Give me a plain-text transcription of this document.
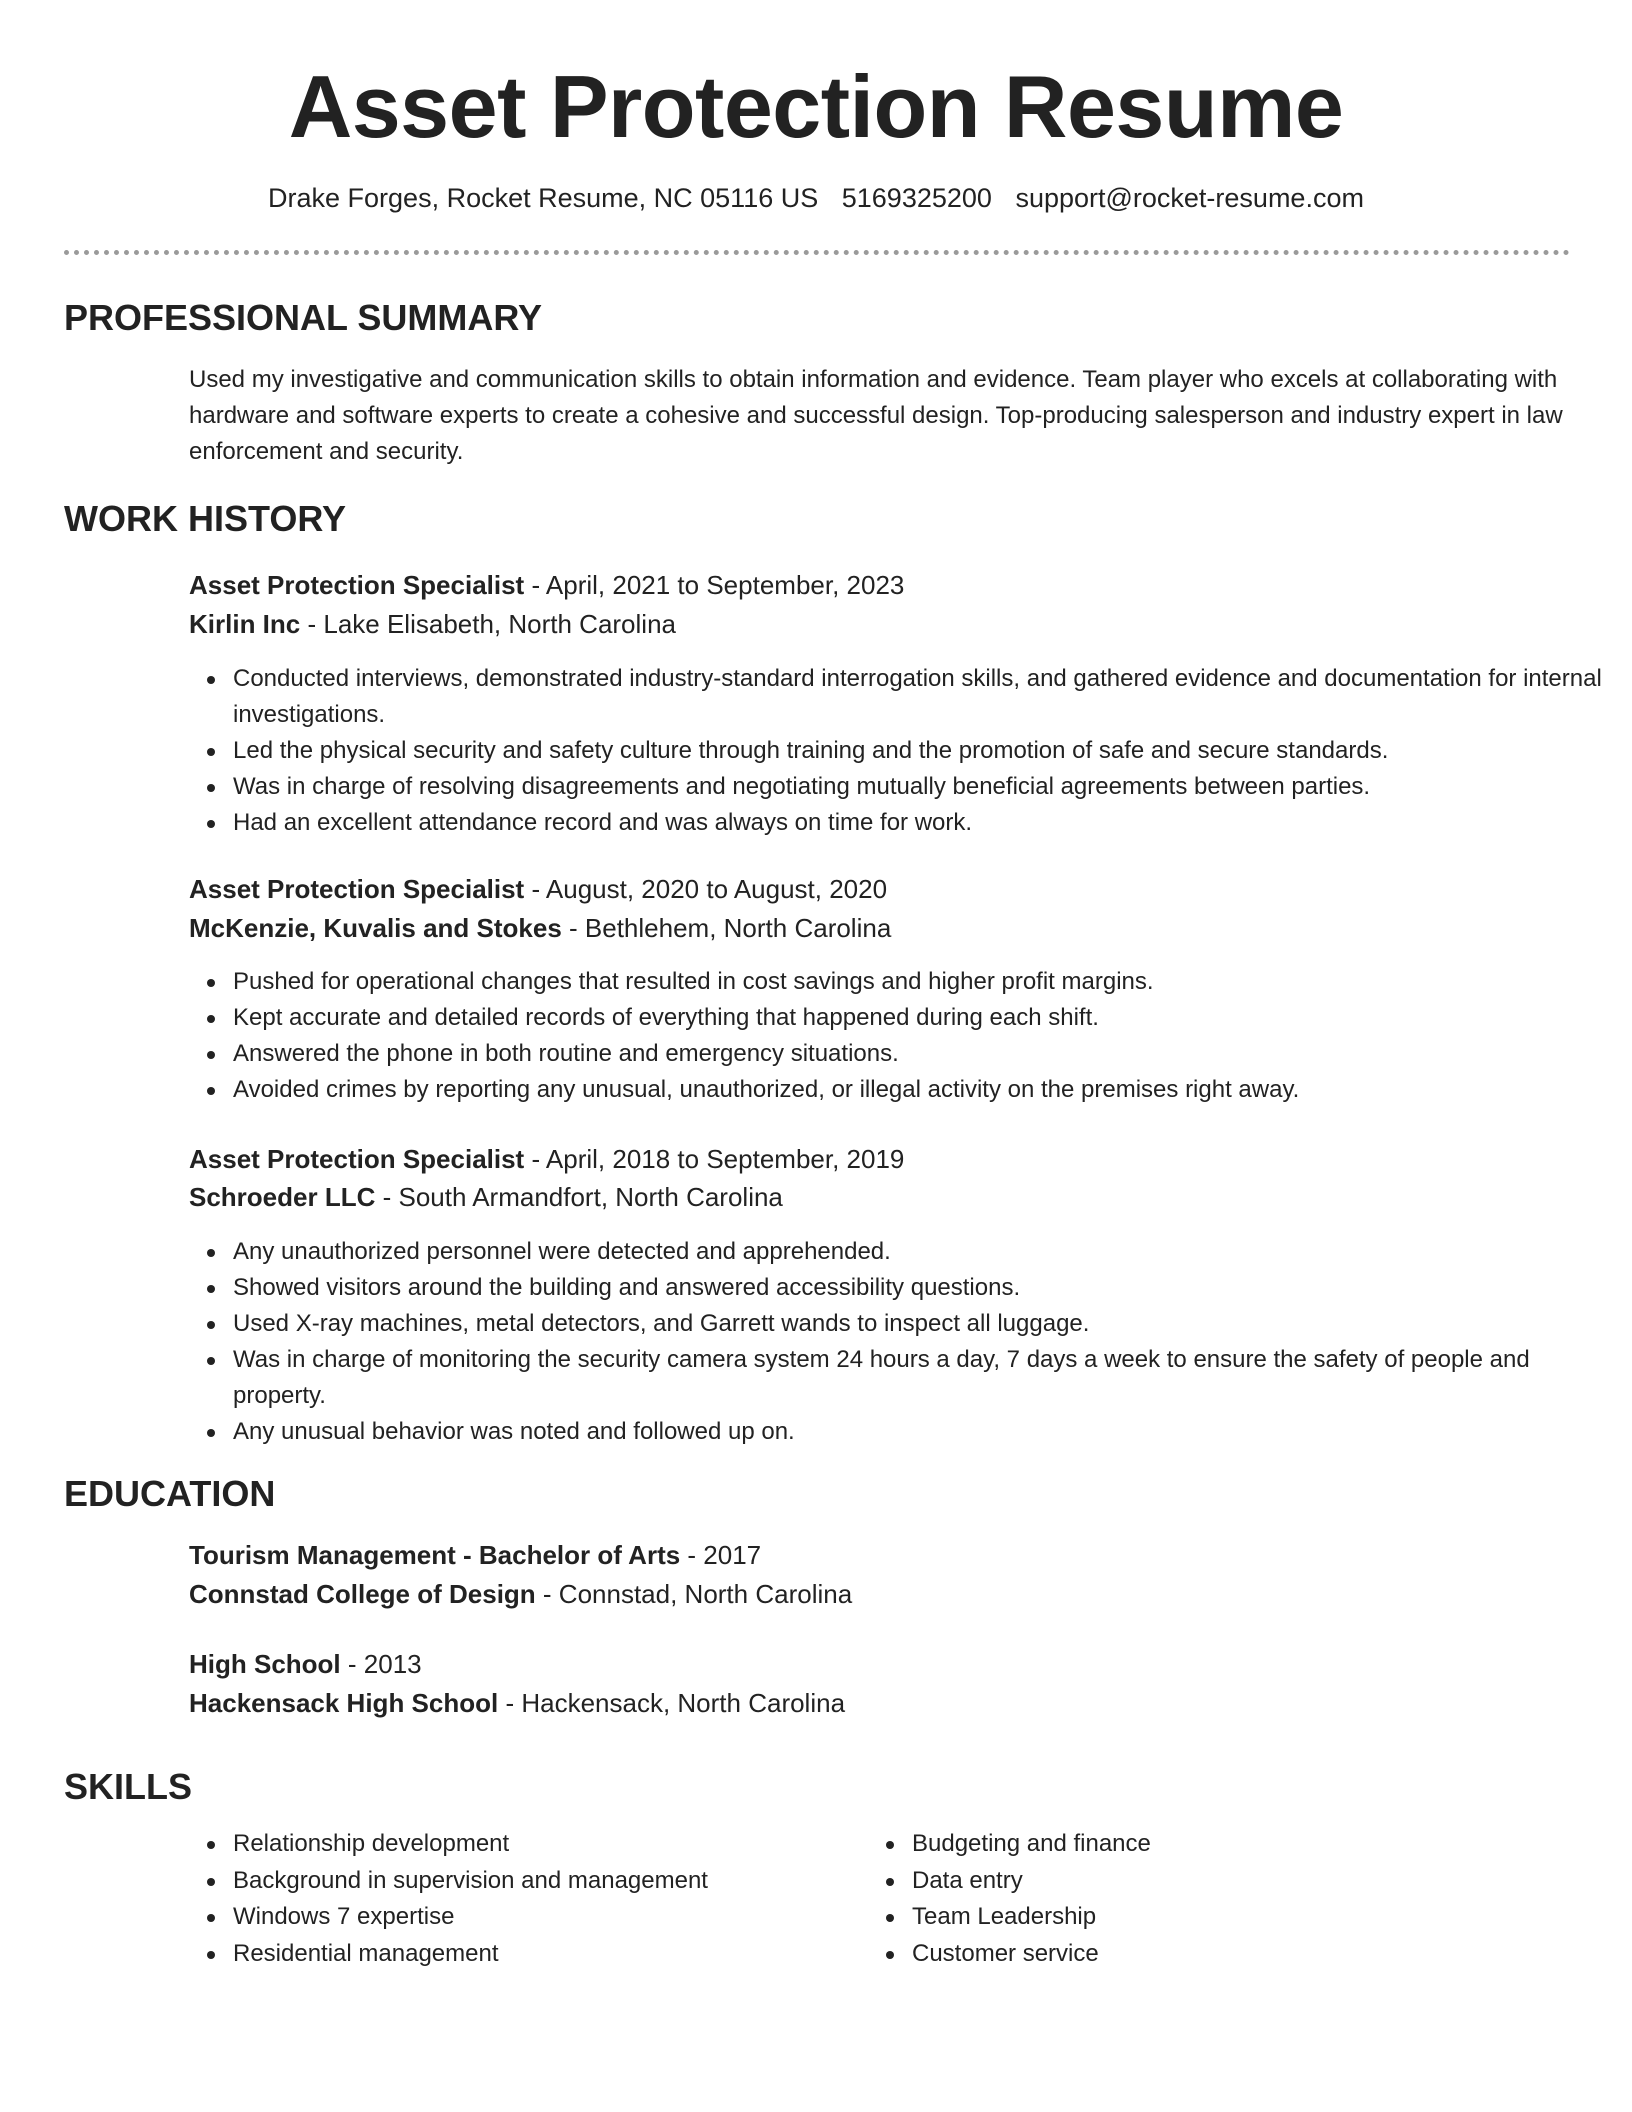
Asset Protection Resume
Drake Forges, Rocket Resume, NC 05116 US 5169325200 support@rocket-resume.com
PROFESSIONAL SUMMARY
Used my investigative and communication skills to obtain information and evidence. Team player who excels at collaborating with hardware and software experts to create a cohesive and successful design. Top-producing salesperson and industry expert in law enforcement and security.
WORK HISTORY
Asset Protection Specialist - April, 2021 to September, 2023
Kirlin Inc - Lake Elisabeth, North Carolina
Conducted interviews, demonstrated industry-standard interrogation skills, and gathered evidence and documentation for internal investigations.
Led the physical security and safety culture through training and the promotion of safe and secure standards.
Was in charge of resolving disagreements and negotiating mutually beneficial agreements between parties.
Had an excellent attendance record and was always on time for work.
Asset Protection Specialist - August, 2020 to August, 2020
McKenzie, Kuvalis and Stokes - Bethlehem, North Carolina
Pushed for operational changes that resulted in cost savings and higher profit margins.
Kept accurate and detailed records of everything that happened during each shift.
Answered the phone in both routine and emergency situations.
Avoided crimes by reporting any unusual, unauthorized, or illegal activity on the premises right away.
Asset Protection Specialist - April, 2018 to September, 2019
Schroeder LLC - South Armandfort, North Carolina
Any unauthorized personnel were detected and apprehended.
Showed visitors around the building and answered accessibility questions.
Used X-ray machines, metal detectors, and Garrett wands to inspect all luggage.
Was in charge of monitoring the security camera system 24 hours a day, 7 days a week to ensure the safety of people and property.
Any unusual behavior was noted and followed up on.
EDUCATION
Tourism Management - Bachelor of Arts - 2017
Connstad College of Design - Connstad, North Carolina
High School - 2013
Hackensack High School - Hackensack, North Carolina
SKILLS
Relationship development
Background in supervision and management
Windows 7 expertise
Residential management
Budgeting and finance
Data entry
Team Leadership
Customer service
